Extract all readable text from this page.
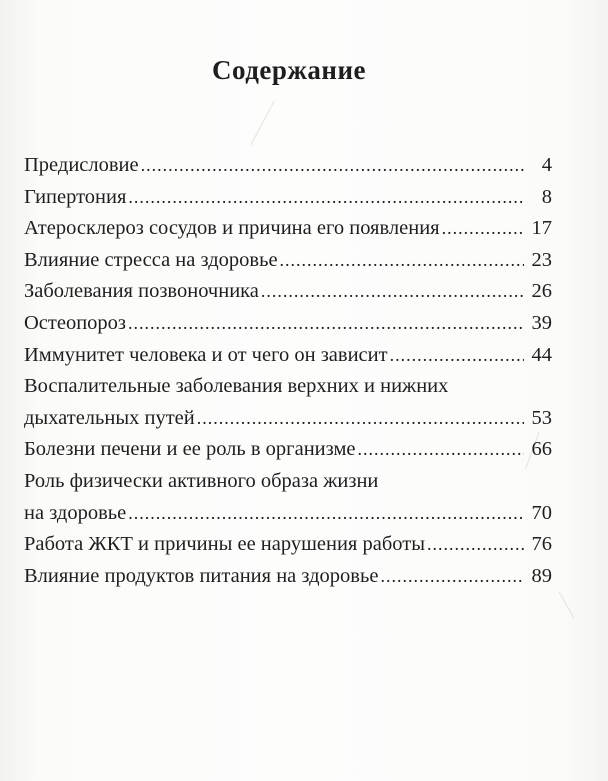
Содержание
Предисловие .....	4
Гипертония .....	8
Атеросклероз сосудов и причина его появления .....	17
Влияние стресса на здоровье .....	23
Заболевания позвоночника .....	26
Остеопороз .....	39
Иммунитет человека и от чего он зависит .....	44
Воспалительные заболевания верхних и нижних
дыхательных путей .....	53
Болезни печени и ее роль в организме .....	66
Роль физически активного образа жизни
на здоровье .....	70
Работа ЖКТ и причины ее нарушения работы .....	76
Влияние продуктов питания на здоровье .....	89
